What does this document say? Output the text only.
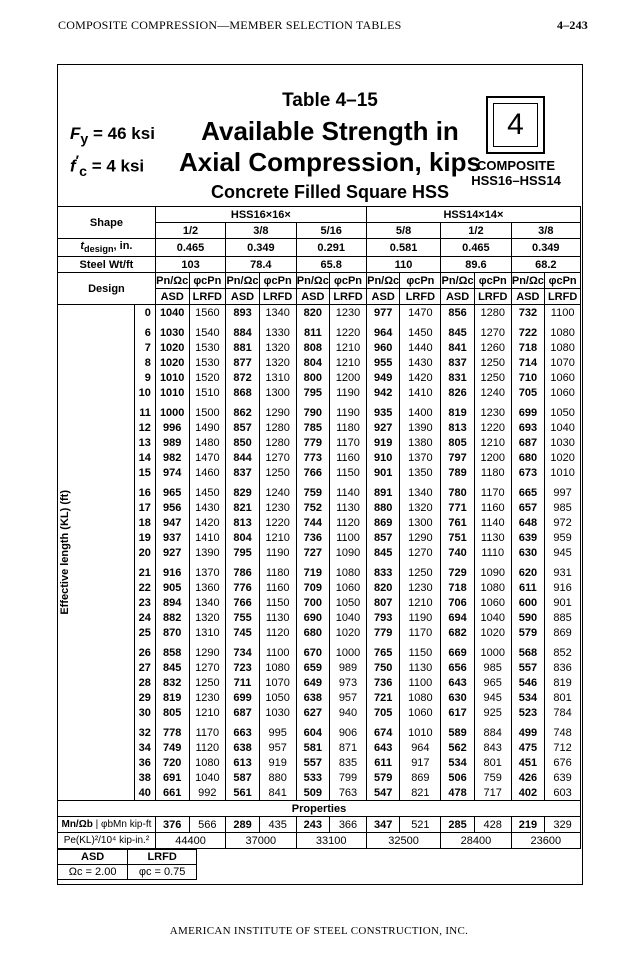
COMPOSITE COMPRESSION—MEMBER SELECTION TABLES	4–243
$F_y = 46$ ksi
$f'_c = 4$ ksi
Table 4–15
Available Strength in
Axial Compression, kips
Concrete Filled Square HSS
4
COMPOSITE
HSS16–HSS14
Shape		HSS16×16×						HSS14×14×					
		1/2		3/8		5/16		5/8		1/2		3/8	
$t_{design}$, in.		0.465		0.349		0.291		0.581		0.465		0.349	
Steel Wt/ft		103		78.4		65.8		110		89.6		68.2	
Design		Pn/Ωc	φcPn	Pn/Ωc	φcPn	Pn/Ωc	φcPn	Pn/Ωc	φcPn	Pn/Ωc	φcPn	Pn/Ωc	φcPn
		ASD	LRFD	ASD	LRFD	ASD	LRFD	ASD	LRFD	ASD	LRFD	ASD	LRFD

Effective length (KL) (ft)	0	1040	1560	893	1340	820	1230	977	1470	856	1280	732	1100
	6	1030	1540	884	1330	811	1220	964	1450	845	1270	722	1080
	7	1020	1530	881	1320	808	1210	960	1440	841	1260	718	1080
	8	1020	1530	877	1320	804	1210	955	1430	837	1250	714	1070
	9	1010	1520	872	1310	800	1200	949	1420	831	1250	710	1060
	10	1010	1510	868	1300	795	1190	942	1410	826	1240	705	1060
	11	1000	1500	862	1290	790	1190	935	1400	819	1230	699	1050
	12	996	1490	857	1280	785	1180	927	1390	813	1220	693	1040
	13	989	1480	850	1280	779	1170	919	1380	805	1210	687	1030
	14	982	1470	844	1270	773	1160	910	1370	797	1200	680	1020
	15	974	1460	837	1250	766	1150	901	1350	789	1180	673	1010
	16	965	1450	829	1240	759	1140	891	1340	780	1170	665	997
	17	956	1430	821	1230	752	1130	880	1320	771	1160	657	985
	18	947	1420	813	1220	744	1120	869	1300	761	1140	648	972
	19	937	1410	804	1210	736	1100	857	1290	751	1130	639	959
	20	927	1390	795	1190	727	1090	845	1270	740	1110	630	945
	21	916	1370	786	1180	719	1080	833	1250	729	1090	620	931
	22	905	1360	776	1160	709	1060	820	1230	718	1080	611	916
	23	894	1340	766	1150	700	1050	807	1210	706	1060	600	901
	24	882	1320	755	1130	690	1040	793	1190	694	1040	590	885
	25	870	1310	745	1120	680	1020	779	1170	682	1020	579	869
	26	858	1290	734	1100	670	1000	765	1150	669	1000	568	852
	27	845	1270	723	1080	659	989	750	1130	656	985	557	836
	28	832	1250	711	1070	649	973	736	1100	643	965	546	819
	29	819	1230	699	1050	638	957	721	1080	630	945	534	801
	30	805	1210	687	1030	627	940	705	1060	617	925	523	784
	32	778	1170	663	995	604	906	674	1010	589	884	499	748
	34	749	1120	638	957	581	871	643	964	562	843	475	712
	36	720	1080	613	919	557	835	611	917	534	801	451	676
	38	691	1040	587	880	533	799	579	869	506	759	426	639
	40	661	992	561	841	509	763	547	821	478	717	402	603
Properties													
Mn/Ωb | φbMn kip-ft		376	566	289	435	243	366	347	521	285	428	219	329
Pe(KL)²/10⁴ kip-in.²		44400		37000		33100		32500		28400		23600	
AMERICAN INSTITUTE OF STEEL CONSTRUCTION, INC.
ASD	LRFD
Ωc = 2.00	φc = 0.75
